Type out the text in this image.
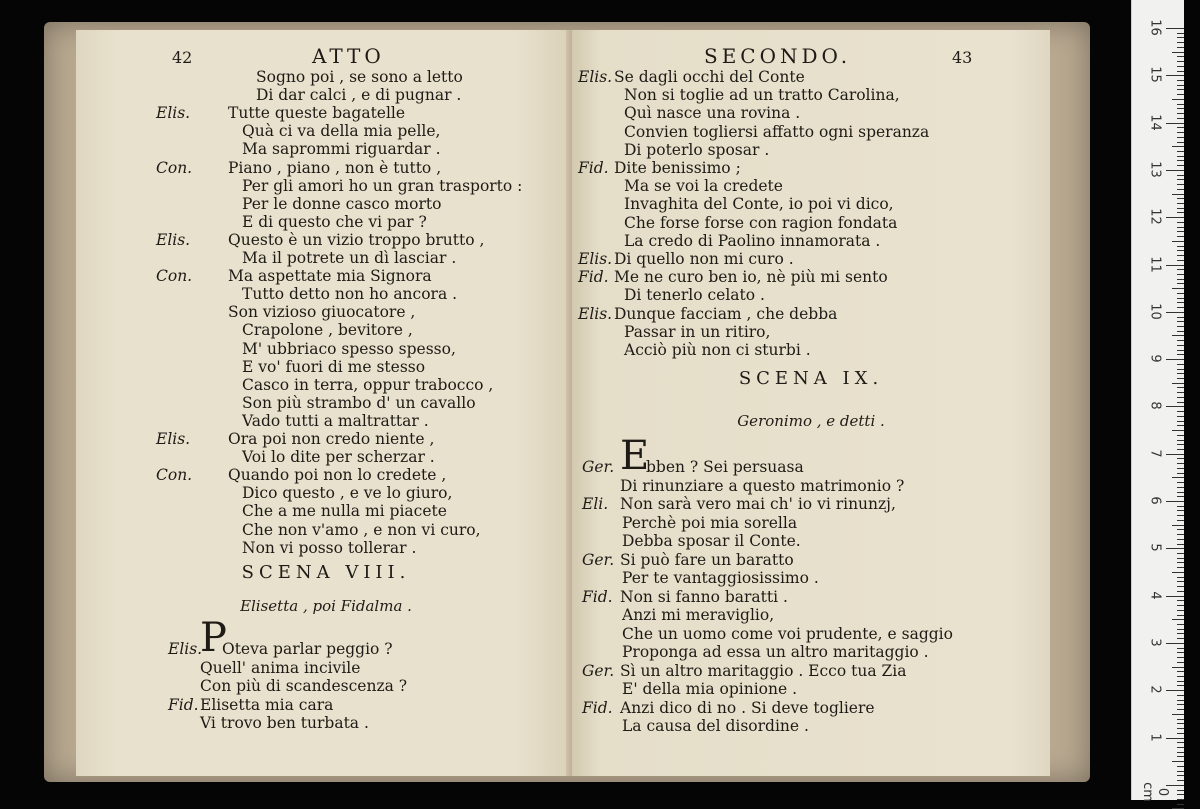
42	ATTO
Sogno poi , se sono a letto
Di dar calci , e di pugnar .
Elis. Tutte queste bagatelle
Quà ci va della mia pelle,
Ma saprommi riguardar .
Con. Piano , piano , non è tutto ,
Per gli amori ho un gran trasporto :
Per le donne casco morto
E di questo che vi par ?
Elis. Questo è un vizio troppo brutto ,
Ma il potrete un dì lasciar .
Con. Ma aspettate mia Signora
Tutto detto non ho ancora .
Son vizioso giuocatore ,
Crapolone , bevitore ,
M' ubbriaco spesso spesso,
E vo' fuori di me stesso
Casco in terra, oppur trabocco ,
Son più strambo d' un cavallo
Vado tutti a maltrattar .
Elis. Ora poi non credo niente ,
Voi lo dite per scherzar .
Con. Quando poi non lo credete ,
Dico questo , e ve lo giuro,
Che a me nulla mi piacete
Che non v'amo , e non vi curo,
Non vi posso tollerar .
SCENA VIII.
Elisetta , poi Fidalma .
Elis.
P
Oteva parlar peggio ?
Quell' anima incivile
Con più di scandescenza ?
Fid. Elisetta mia cara
Vi trovo ben turbata .
SECONDO.	43
Elis. Se dagli occhi del Conte
Non si toglie ad un tratto Carolina,
Quì nasce una rovina .
Convien togliersi affatto ogni speranza
Di poterlo sposar .
Fid. Dite benissimo ;
Ma se voi la credete
Invaghita del Conte, io poi vi dico,
Che forse forse con ragion fondata
La credo di Paolino innamorata .
Elis. Di quello non mi curo .
Fid. Me ne curo ben io, nè più mi sento
Di tenerlo celato .
Elis. Dunque facciam , che debba
Passar in un ritiro,
Acciò più non ci sturbi .
SCENA IX.
Geronimo , e detti .
Ger. E
bben ? Sei persuasa
Di rinunziare a questo matrimonio ?
Eli. Non sarà vero mai ch' io vi rinunzj,
Perchè poi mia sorella
Debba sposar il Conte.
Ger. Si può fare un baratto
Per te vantaggiosissimo .
Fid. Non si fanno baratti .
Anzi mi meraviglio,
Che un uomo come voi prudente, e saggio
Proponga ad essa un altro maritaggio .
Ger. Sì un altro maritaggio . Ecco tua Zia
E' della mia opinione .
Fid. Anzi dico di no . Si deve togliere
La causa del disordine .
16
15
14
13
12
11
10
9
8
7
6
5
4
3
2
1
0 cm
